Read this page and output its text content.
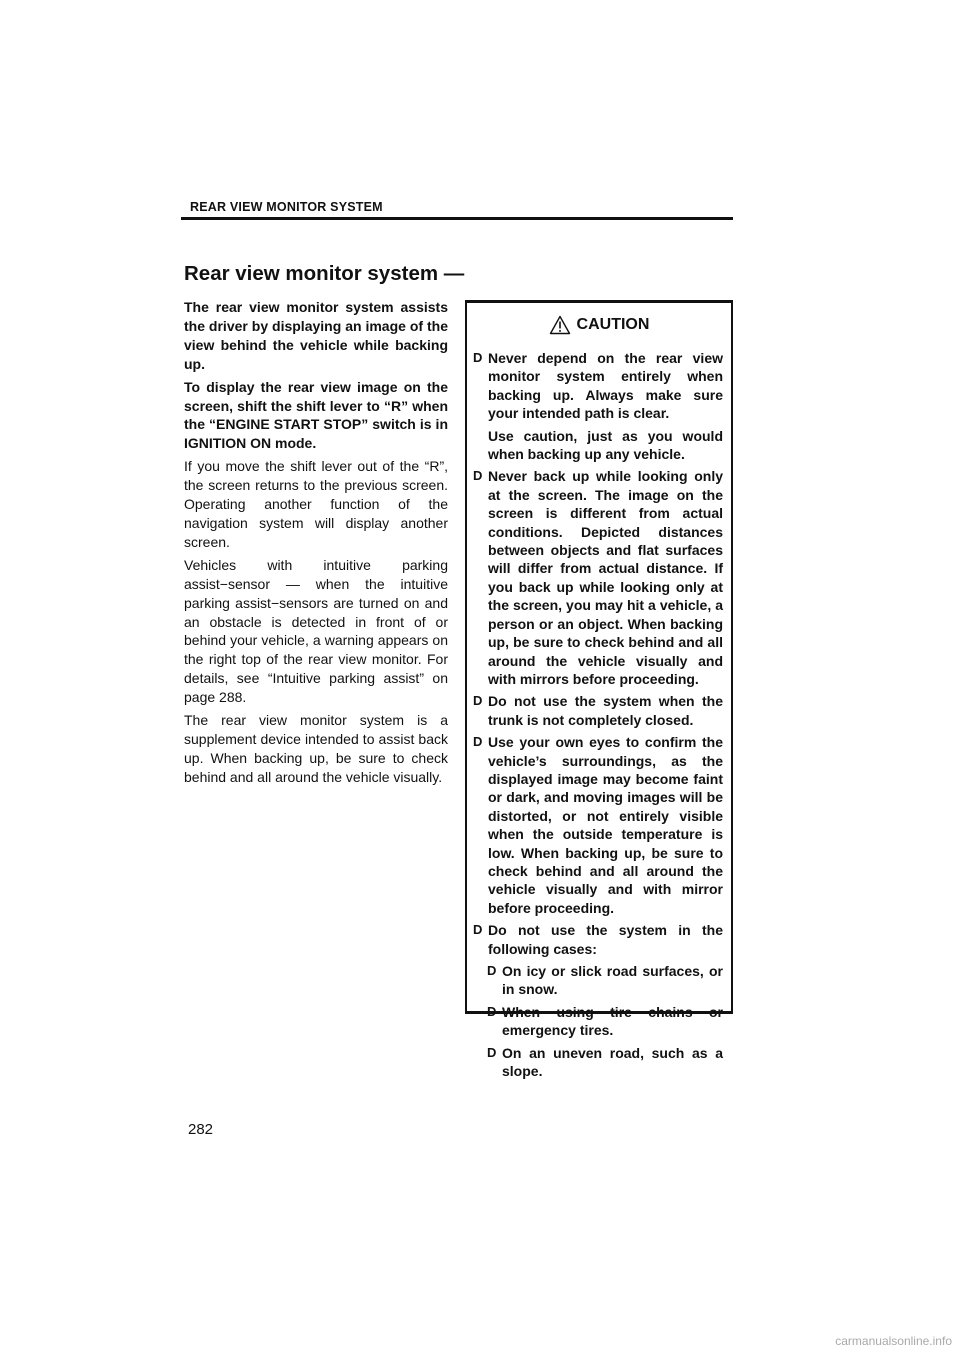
REAR VIEW MONITOR SYSTEM
Rear view monitor system —

The rear view monitor system assists the driver by displaying an image of the view behind the vehicle while backing up.

To display the rear view image on the screen, shift the shift lever to “R” when the “ENGINE START STOP” switch is in IGNITION ON mode.

If you move the shift lever out of the “R”, the screen returns to the previous screen. Operating another function of the navigation system will display another screen.

Vehicles with intuitive parking assist−sensor — when the intuitive parking assist−sensors are turned on and an obstacle is detected in front of or behind your vehicle, a warning appears on the right top of the rear view monitor. For details, see “Intuitive parking assist” on page 288.

The rear view monitor system is a supplement device intended to assist back up. When backing up, be sure to check behind and all around the vehicle visually.

CAUTION
D Never depend on the rear view monitor system entirely when backing up. Always make sure your intended path is clear.

Use caution, just as you would when backing up any vehicle.

D Never back up while looking only at the screen. The image on the screen is different from actual conditions. Depicted distances between objects and flat surfaces will differ from actual distance. If you back up while looking only at the screen, you may hit a vehicle, a person or an object. When backing up, be sure to check behind and all around the vehicle visually and with mirrors before proceeding.

D Do not use the system when the trunk is not completely closed.

D Use your own eyes to confirm the vehicle’s surroundings, as the displayed image may become faint or dark, and moving images will be distorted, or not entirely visible when the outside temperature is low. When backing up, be sure to check behind and all around the vehicle visually and with mirror before proceeding.

D Do not use the system in the following cases:

D On icy or slick road surfaces, or in snow.

D When using tire chains or emergency tires.

D On an uneven road, such as a slope.

282
carmanualsonline.info
